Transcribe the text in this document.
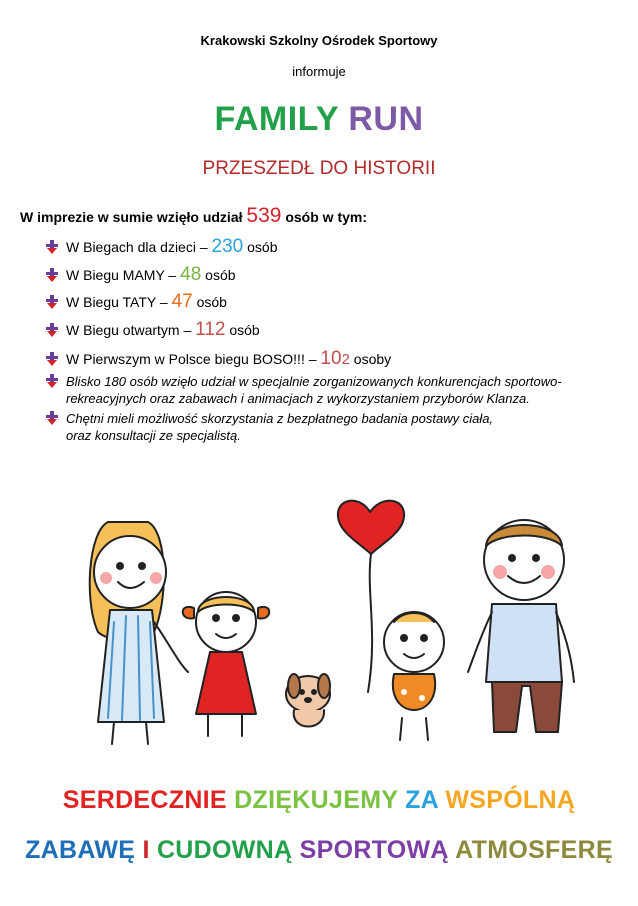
Krakowski Szkolny Ośrodek Sportowy
informuje
FAMILY RUN
PRZESZEDŁ DO HISTORII
W imprezie w sumie wzięło udział 539 osób w tym:
W Biegach dla dzieci – 230 osób
W Biegu MAMY – 48 osób
W Biegu TATY – 47 osób
W Biegu otwartym – 112 osób
W Pierwszym w Polsce biegu BOSO!!! – 102 osoby
Blisko 180 osób wzięło udział w specjalnie zorganizowanych konkurencjach sportowo-
rekreacyjnych oraz zabawach i animacjach z wykorzystaniem przyborów Klanza.
Chętni mieli możliwość skorzystania z bezpłatnego badania postawy ciała,
oraz konsultacji ze specjalistą.
SERDECZNIE DZIĘKUJEMY ZA WSPÓLNĄ
ZABAWĘ I CUDOWNĄ SPORTOWĄ ATMOSFERĘ
